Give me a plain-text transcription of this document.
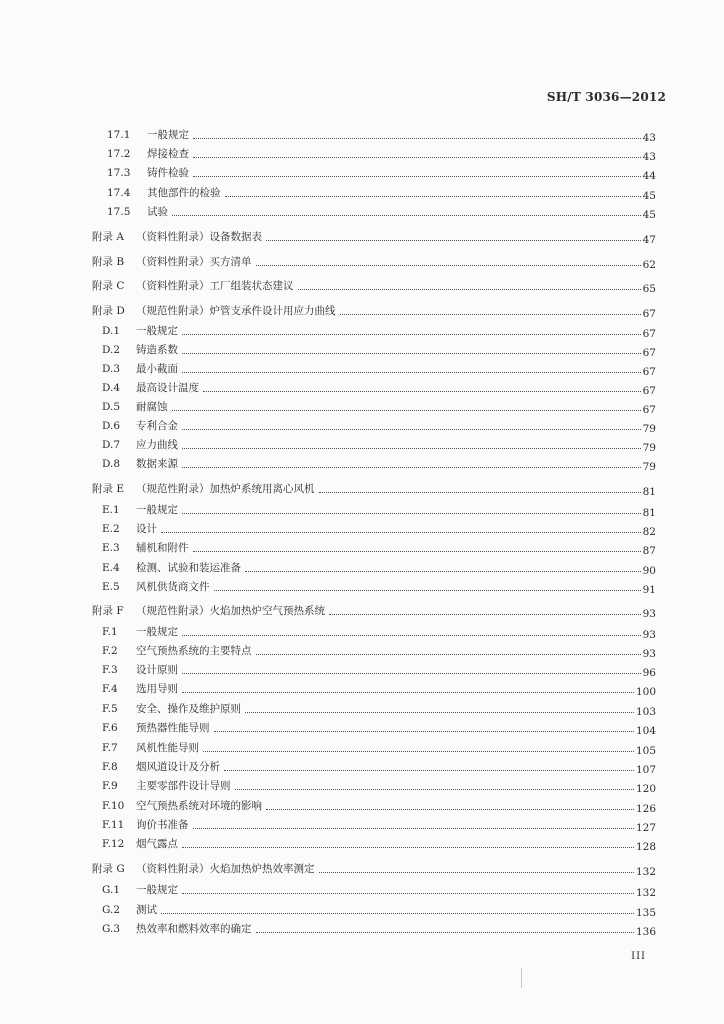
SH/T 3036—2012
17.1	一般规定	43
17.2	焊接检查	43
17.3	铸件检验	44
17.4	其他部件的检验	45
17.5	试验	45
附录 A	（资料性附录）设备数据表	47
附录 B	（资料性附录）买方清单	62
附录 C	（资料性附录）工厂组装状态建议	65
附录 D	（规范性附录）炉管支承件设计用应力曲线	67
D.1	一般规定	67
D.2	铸造系数	67
D.3	最小截面	67
D.4	最高设计温度	67
D.5	耐腐蚀	67
D.6	专利合金	79
D.7	应力曲线	79
D.8	数据来源	79
附录 E	（规范性附录）加热炉系统用离心风机	81
E.1	一般规定	81
E.2	设计	82
E.3	辅机和附件	87
E.4	检测、试验和装运准备	90
E.5	风机供货商文件	91
附录 F	（规范性附录）火焰加热炉空气预热系统	93
F.1	一般规定	93
F.2	空气预热系统的主要特点	93
F.3	设计原则	96
F.4	选用导则	100
F.5	安全、操作及维护原则	103
F.6	预热器性能导则	104
F.7	风机性能导则	105
F.8	烟风道设计及分析	107
F.9	主要零部件设计导则	120
F.10	空气预热系统对环境的影响	126
F.11	询价书准备	127
F.12	烟气露点	128
附录 G	（资料性附录）火焰加热炉热效率测定	132
G.1	一般规定	132
G.2	测试	135
G.3	热效率和燃料效率的确定	136
III
